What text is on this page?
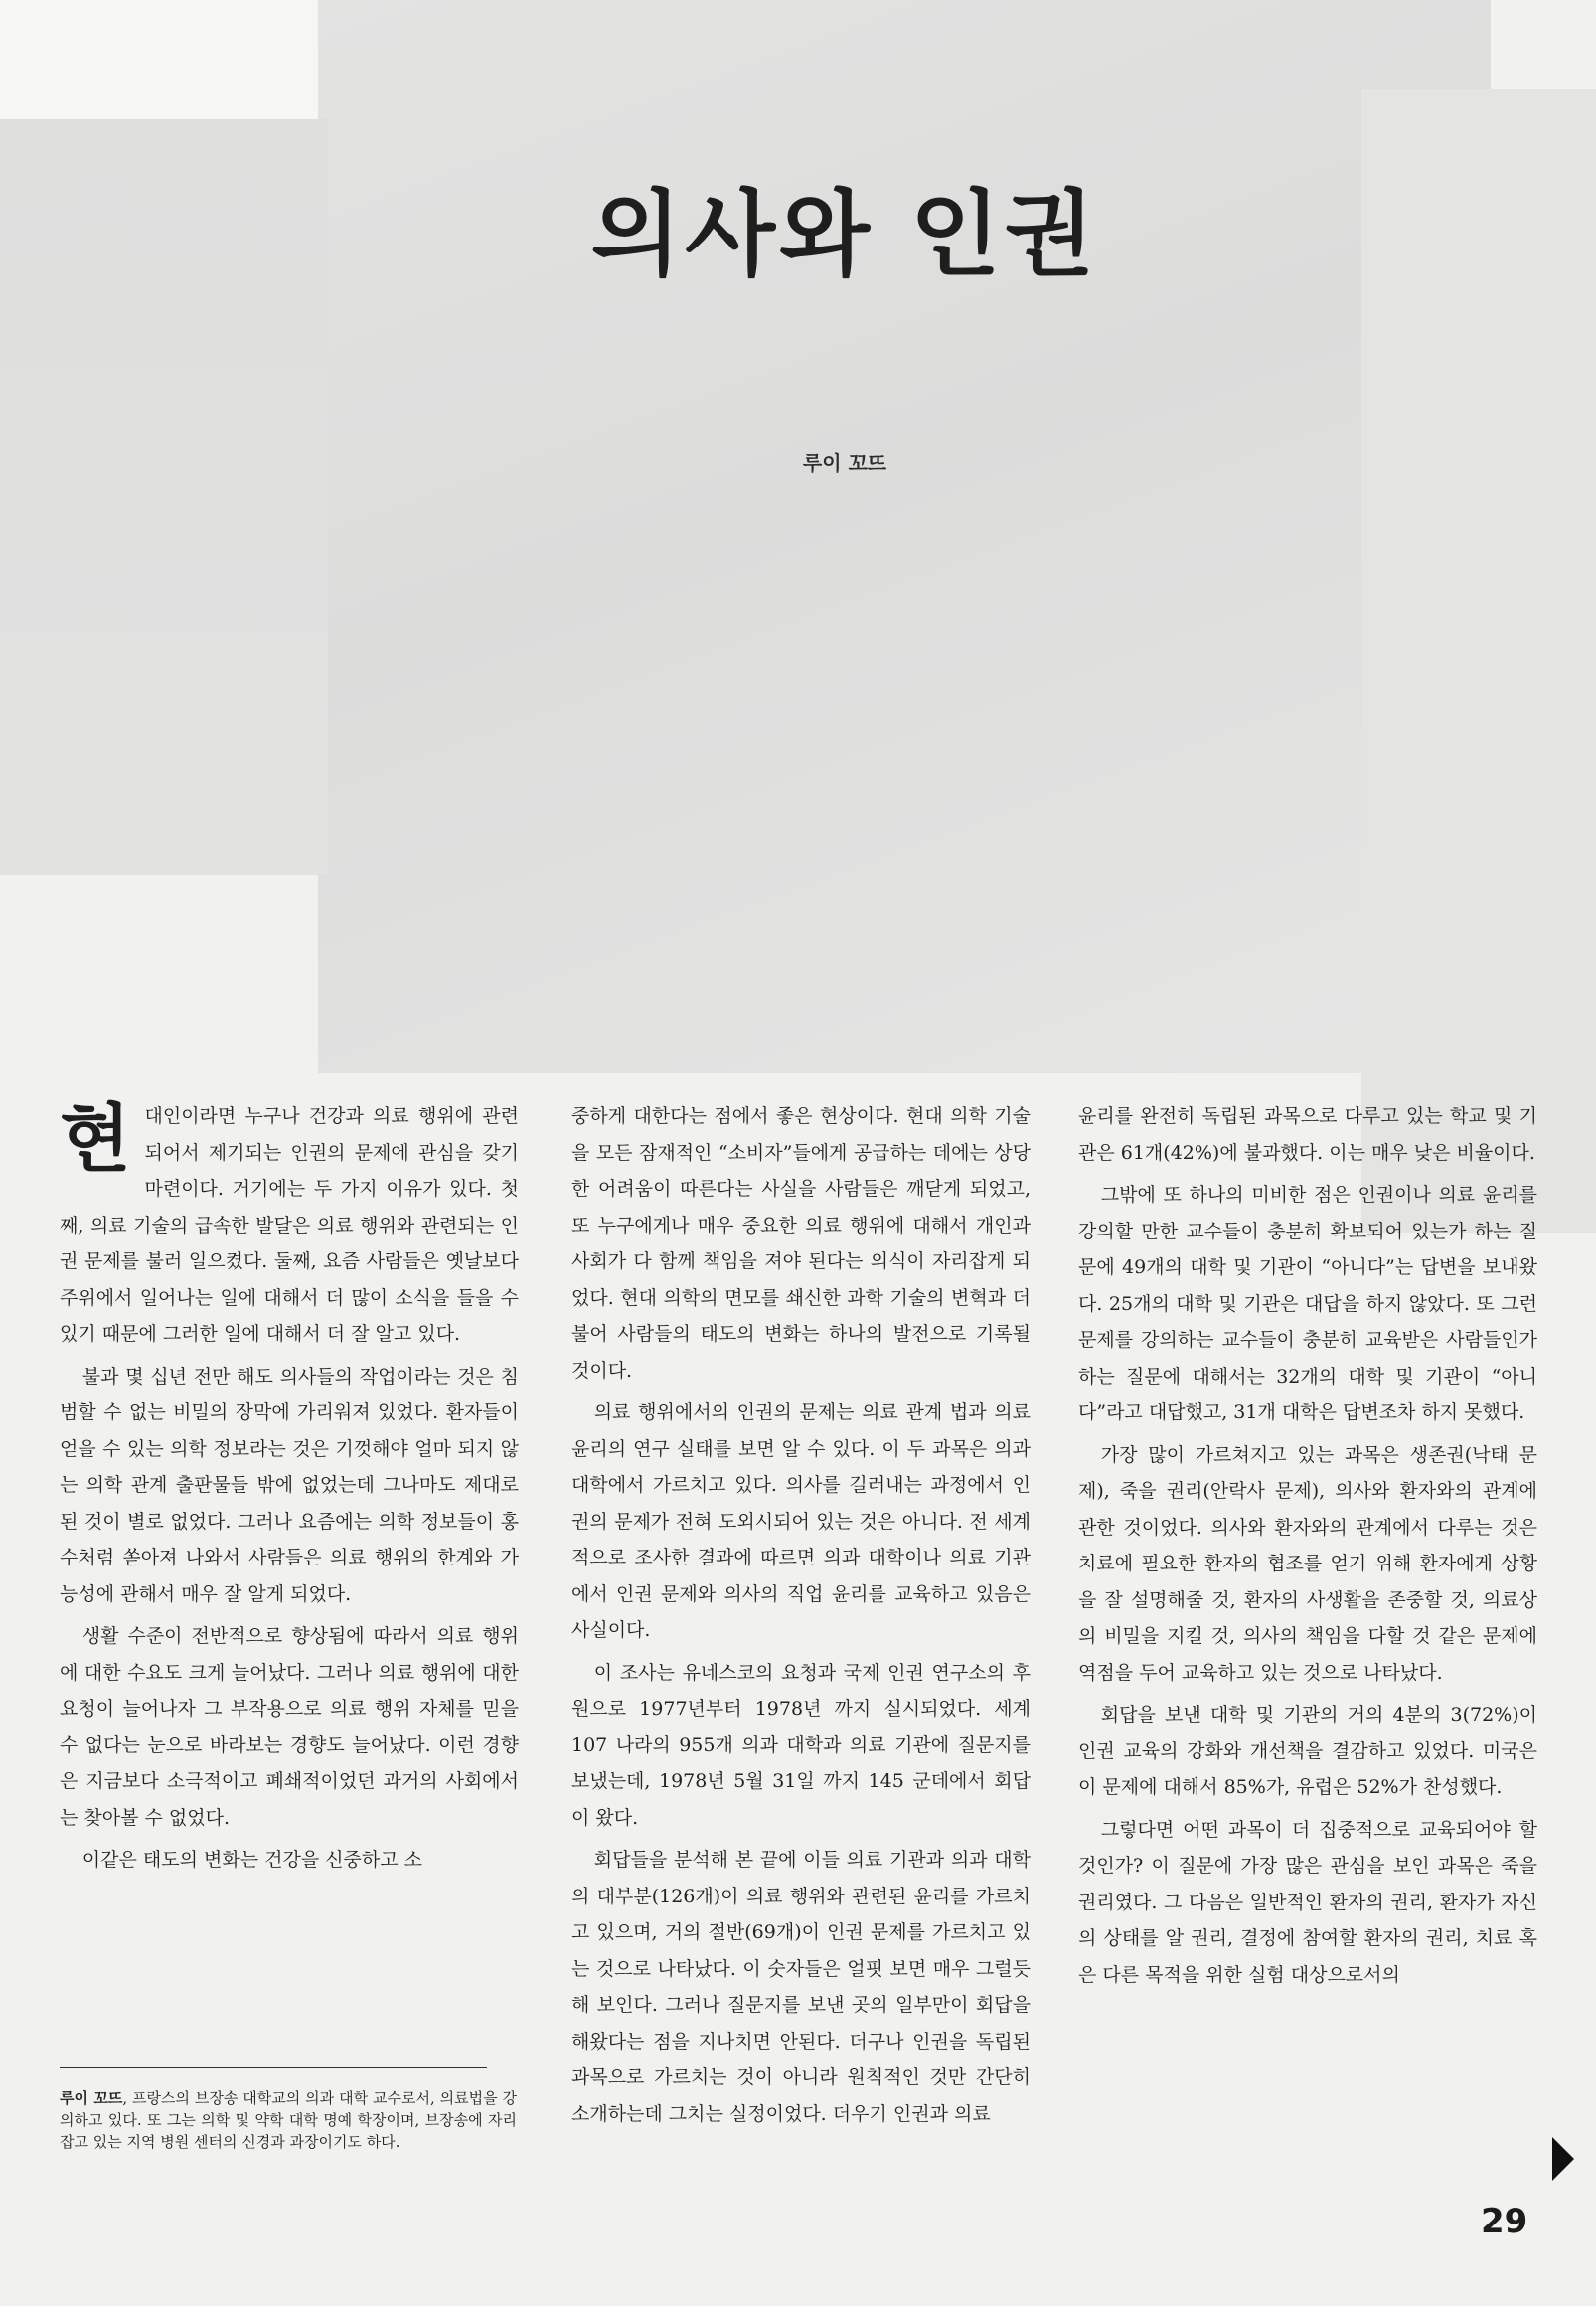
의사와 인권
루이 꼬뜨

현대인이라면 누구나 건강과 의료 행위에 관련되어서 제기되는 인권의 문제에 관심을 갖기 마련이다. 거기에는 두 가지 이유가 있다. 첫째, 의료 기술의 급속한 발달은 의료 행위와 관련되는 인권 문제를 불러 일으켰다. 둘째, 요즘 사람들은 옛날보다 주위에서 일어나는 일에 대해서 더 많이 소식을 들을 수 있기 때문에 그러한 일에 대해서 더 잘 알고 있다.

불과 몇 십년 전만 해도 의사들의 작업이라는 것은 침범할 수 없는 비밀의 장막에 가리워져 있었다. 환자들이 얻을 수 있는 의학 정보라는 것은 기껏해야 얼마 되지 않는 의학 관계 출판물들 밖에 없었는데 그나마도 제대로 된 것이 별로 없었다. 그러나 요즘에는 의학 정보들이 홍수처럼 쏟아져 나와서 사람들은 의료 행위의 한계와 가능성에 관해서 매우 잘 알게 되었다.

생활 수준이 전반적으로 향상됨에 따라서 의료 행위에 대한 수요도 크게 늘어났다. 그러나 의료 행위에 대한 요청이 늘어나자 그 부작용으로 의료 행위 자체를 믿을 수 없다는 눈으로 바라보는 경향도 늘어났다. 이런 경향은 지금보다 소극적이고 폐쇄적이었던 과거의 사회에서는 찾아볼 수 없었다.

이같은 태도의 변화는 건강을 신중하고 소

중하게 대한다는 점에서 좋은 현상이다. 현대 의학 기술을 모든 잠재적인 “소비자”들에게 공급하는 데에는 상당한 어려움이 따른다는 사실을 사람들은 깨닫게 되었고, 또 누구에게나 매우 중요한 의료 행위에 대해서 개인과 사회가 다 함께 책임을 져야 된다는 의식이 자리잡게 되었다. 현대 의학의 면모를 쇄신한 과학 기술의 변혁과 더불어 사람들의 태도의 변화는 하나의 발전으로 기록될 것이다.

의료 행위에서의 인권의 문제는 의료 관계 법과 의료 윤리의 연구 실태를 보면 알 수 있다. 이 두 과목은 의과 대학에서 가르치고 있다. 의사를 길러내는 과정에서 인권의 문제가 전혀 도외시되어 있는 것은 아니다. 전 세계적으로 조사한 결과에 따르면 의과 대학이나 의료 기관에서 인권 문제와 의사의 직업 윤리를 교육하고 있음은 사실이다.

이 조사는 유네스코의 요청과 국제 인권 연구소의 후원으로 1977년부터 1978년 까지 실시되었다. 세계 107 나라의 955개 의과 대학과 의료 기관에 질문지를 보냈는데, 1978년 5월 31일 까지 145 군데에서 회답이 왔다.

회답들을 분석해 본 끝에 이들 의료 기관과 의과 대학의 대부분(126개)이 의료 행위와 관련된 윤리를 가르치고 있으며, 거의 절반(69개)이 인권 문제를 가르치고 있는 것으로 나타났다. 이 숫자들은 얼핏 보면 매우 그럴듯해 보인다. 그러나 질문지를 보낸 곳의 일부만이 회답을 해왔다는 점을 지나치면 안된다. 더구나 인권을 독립된 과목으로 가르치는 것이 아니라 원칙적인 것만 간단히 소개하는데 그치는 실정이었다. 더우기 인권과 의료

윤리를 완전히 독립된 과목으로 다루고 있는 학교 및 기관은 61개(42%)에 불과했다. 이는 매우 낮은 비율이다.

그밖에 또 하나의 미비한 점은 인권이나 의료 윤리를 강의할 만한 교수들이 충분히 확보되어 있는가 하는 질문에 49개의 대학 및 기관이 “아니다”는 답변을 보내왔다. 25개의 대학 및 기관은 대답을 하지 않았다. 또 그런 문제를 강의하는 교수들이 충분히 교육받은 사람들인가 하는 질문에 대해서는 32개의 대학 및 기관이 “아니다”라고 대답했고, 31개 대학은 답변조차 하지 못했다.

가장 많이 가르쳐지고 있는 과목은 생존권(낙태 문제), 죽을 권리(안락사 문제), 의사와 환자와의 관계에 관한 것이었다. 의사와 환자와의 관계에서 다루는 것은 치료에 필요한 환자의 협조를 얻기 위해 환자에게 상황을 잘 설명해줄 것, 환자의 사생활을 존중할 것, 의료상의 비밀을 지킬 것, 의사의 책임을 다할 것 같은 문제에 역점을 두어 교육하고 있는 것으로 나타났다.

회답을 보낸 대학 및 기관의 거의 4분의 3(72%)이 인권 교육의 강화와 개선책을 결감하고 있었다. 미국은 이 문제에 대해서 85%가, 유럽은 52%가 찬성했다.

그렇다면 어떤 과목이 더 집중적으로 교육되어야 할 것인가? 이 질문에 가장 많은 관심을 보인 과목은 죽을 권리였다. 그 다음은 일반적인 환자의 권리, 환자가 자신의 상태를 알 권리, 결정에 참여할 환자의 권리, 치료 혹은 다른 목적을 위한 실험 대상으로서의

루이 꼬뜨, 프랑스의 브장송 대학교의 의과 대학 교수로서, 의료법을 강의하고 있다. 또 그는 의학 및 약학 대학 명예 학장이며, 브장송에 자리잡고 있는 지역 병원 센터의 신경과 과장이기도 하다.
29
